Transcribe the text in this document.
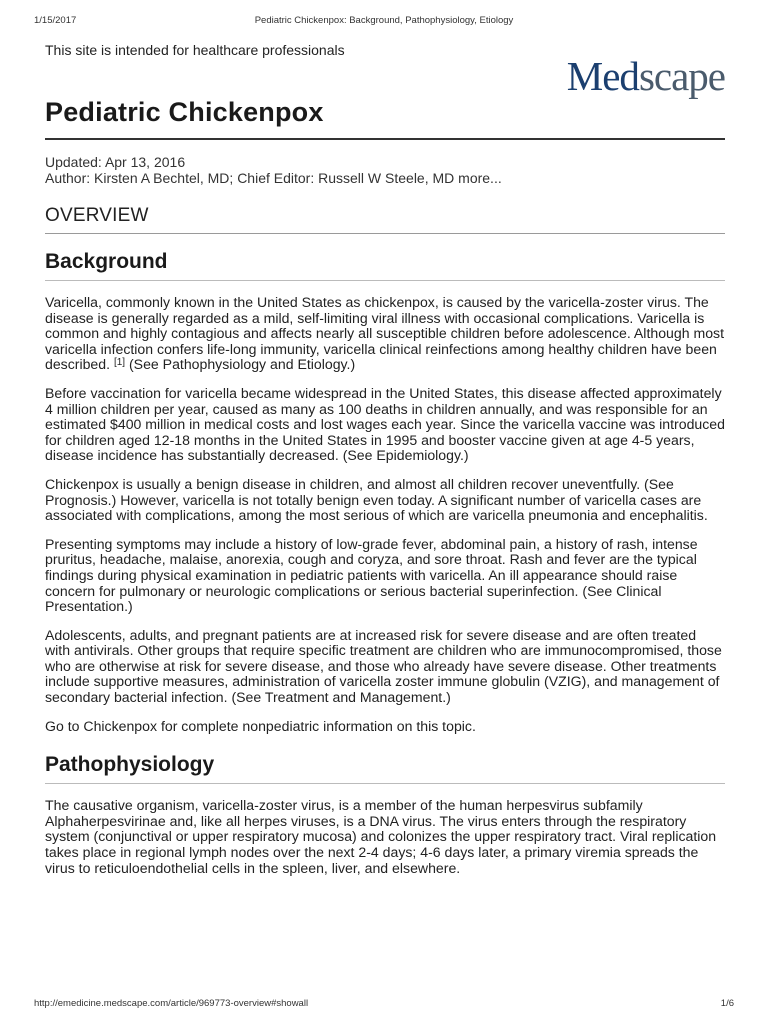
1/15/2017	Pediatric Chickenpox: Background, Pathophysiology, Etiology
This site is intended for healthcare professionals
Medscape
Pediatric Chickenpox
Updated: Apr 13, 2016
Author: Kirsten A Bechtel, MD; Chief Editor: Russell W Steele, MD more...
OVERVIEW
Background

Varicella, commonly known in the United States as chickenpox, is caused by the varicella-zoster virus. The disease is generally regarded as a mild, self-limiting viral illness with occasional complications. Varicella is common and highly contagious and affects nearly all susceptible children before adolescence. Although most varicella infection confers life-long immunity, varicella clinical reinfections among healthy children have been described. [1] (See Pathophysiology and Etiology.)

Before vaccination for varicella became widespread in the United States, this disease affected approximately 4 million children per year, caused as many as 100 deaths in children annually, and was responsible for an estimated $400 million in medical costs and lost wages each year. Since the varicella vaccine was introduced for children aged 12-18 months in the United States in 1995 and booster vaccine given at age 4-5 years, disease incidence has substantially decreased. (See Epidemiology.)

Chickenpox is usually a benign disease in children, and almost all children recover uneventfully. (See Prognosis.) However, varicella is not totally benign even today. A significant number of varicella cases are associated with complications, among the most serious of which are varicella pneumonia and encephalitis.

Presenting symptoms may include a history of low-grade fever, abdominal pain, a history of rash, intense pruritus, headache, malaise, anorexia, cough and coryza, and sore throat. Rash and fever are the typical findings during physical examination in pediatric patients with varicella. An ill appearance should raise concern for pulmonary or neurologic complications or serious bacterial superinfection. (See Clinical Presentation.)

Adolescents, adults, and pregnant patients are at increased risk for severe disease and are often treated with antivirals. Other groups that require specific treatment are children who are immunocompromised, those who are otherwise at risk for severe disease, and those who already have severe disease. Other treatments include supportive measures, administration of varicella zoster immune globulin (VZIG), and management of secondary bacterial infection. (See Treatment and Management.)

Go to Chickenpox for complete nonpediatric information on this topic.

Pathophysiology

The causative organism, varicella-zoster virus, is a member of the human herpesvirus subfamily Alphaherpesvirinae and, like all herpes viruses, is a DNA virus. The virus enters through the respiratory system (conjunctival or upper respiratory mucosa) and colonizes the upper respiratory tract. Viral replication takes place in regional lymph nodes over the next 2-4 days; 4-6 days later, a primary viremia spreads the virus to reticuloendothelial cells in the spleen, liver, and elsewhere.

http://emedicine.medscape.com/article/969773-overview#showall	1/6
